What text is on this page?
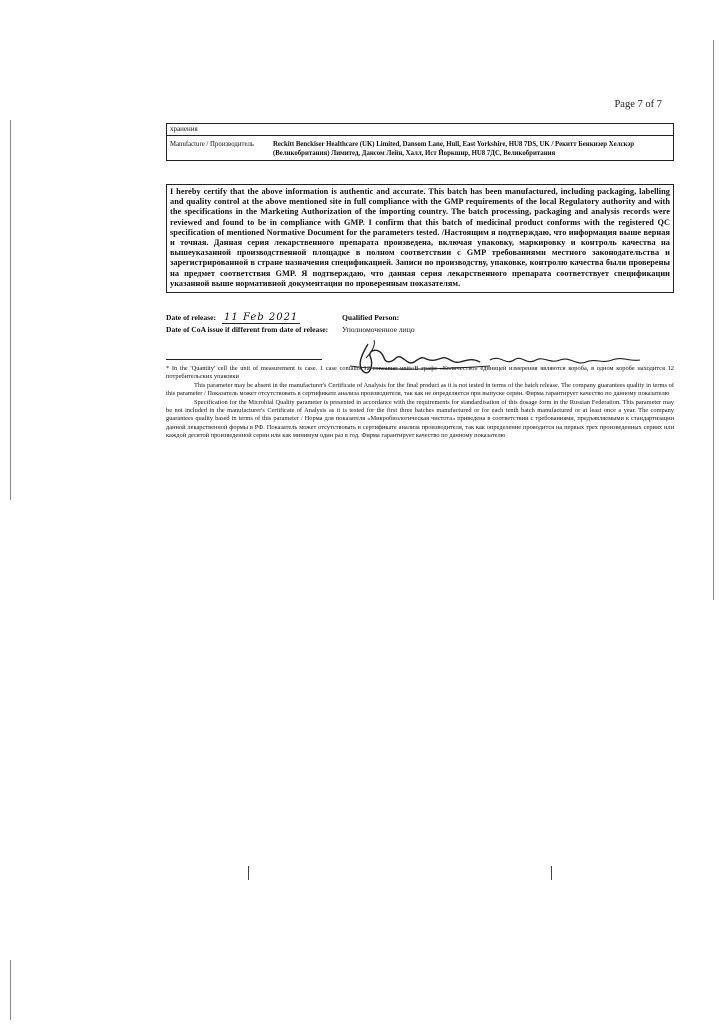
Page 7 of 7
хранения
Manufacture / Производитель	Reckitt Benckiser Healthcare (UK) Limited, Dansom Lane, Hull, East Yorkshire, HU8 7DS, UK / Рекитт Бенкизер Хелскэр (Великобритания) Лимитед, Дансом Лейн, Халл, Ист Йоркшир, HU8 7ДС, Великобритания

I hereby certify that the above information is authentic and accurate. This batch has been manufactured, including packaging, labelling and quality control at the above mentioned site in full compliance with the GMP requirements of the local Regulatory authority and with the specifications in the Marketing Authorization of the importing country. The batch processing, packaging and analysis records were reviewed and found to be in compliance with GMP. I confirm that this batch of medicinal product conforms with the registered QC specification of mentioned Normative Document for the parameters tested. /Настоящим я подтверждаю, что информация выше верная и точная. Данная серия лекарственного препарата произведена, включая упаковку, маркировку и контроль качества на вышеуказанной производственной площадке в полном соответствии с GMP требованиями местного законодательства и зарегистрированной в стране назначения спецификацией. Записи по производству, упаковке, контролю качества были проверены на предмет соответствия GMP. Я подтверждаю, что данная серия лекарственного препарата соответствует спецификации указанной выше нормативной документации по проверенным показателям.

Date of release: 11 Feb 2021
Date of CoA issue if different from date of release:
Qualified Person:
Уполномоченное лицо

* In the 'Quantity' cell the unit of measurement is case. 1 case contains 12 consumer units/В графе «Количество» единицей измерения являются короба, в одном коробе находится 12 потребительских упаковки

This parameter may be absent in the manufacturer's Certificate of Analysis for the final product as it is not tested in terms of the batch release. The company guarantees quality in terms of this parameter / Показатель может отсутствовать в сертификате анализа производителя, так как не определяется при выпуске серии. Фирма гарантирует качество по данному показателю

Specification for the Microbial Quality parameter is presented in accordance with the requirements for standardisation of this dosage form in the Russian Federation. This parameter may be not included in the manufacturer's Certificate of Analysis as it is tested for the first three batches manufactured or for each tenth batch manufactured or at least once a year. The company guarantees quality based in terms of this parameter / Норма для показателя «Микробиологическая чистота» приведена в соответствии с требованиями, предъявляемыми к стандартизации данной лекарственной формы в РФ. Показатель может отсутствовать в сертификате анализа производителя, так как определение проводится на первых трех произведенных сериях или каждой десятой произведенной серии или как минимум один раз в год. Фирма гарантирует качество по данному показателю
